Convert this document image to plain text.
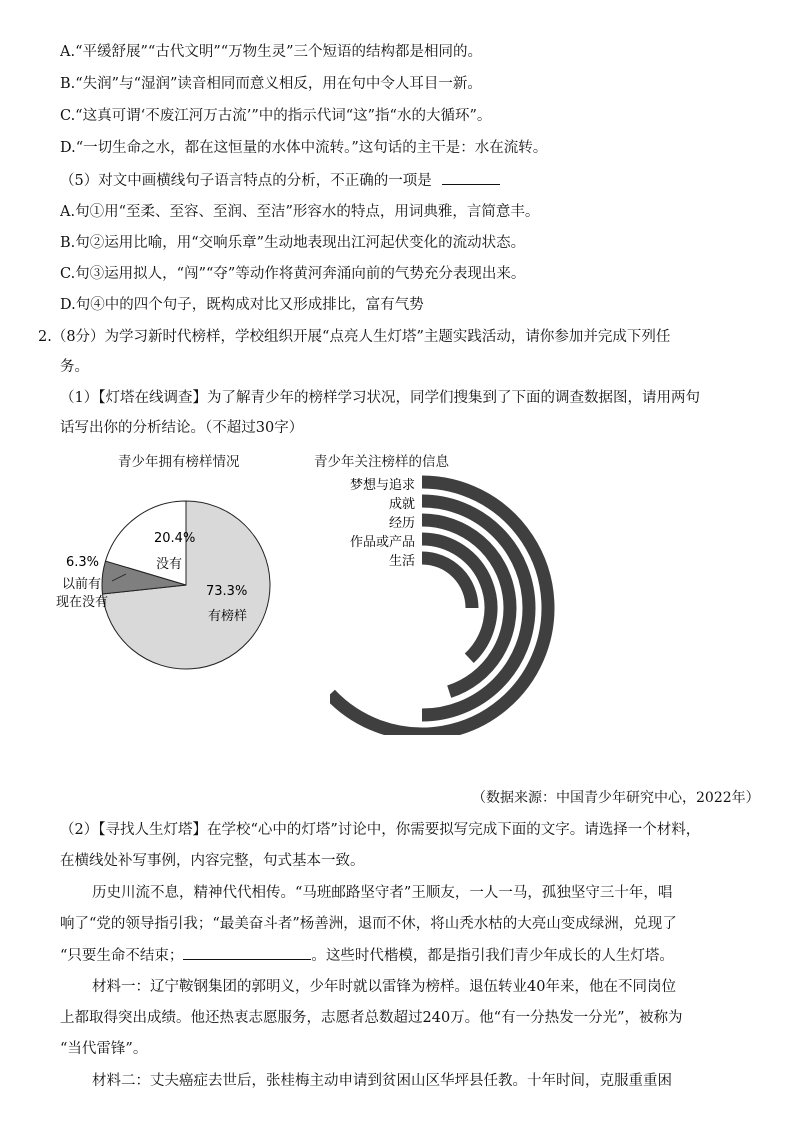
A.“平缓舒展”“古代文明”“万物生灵”三个短语的结构都是相同的。
B.“失润”与“湿润”读音相同而意义相反，用在句中令人耳目一新。
C.“这真可谓‘不废江河万古流’”中的指示代词“这”指“水的大循环”。
D.“一切生命之水，都在这恒量的水体中流转。”这句话的主干是：水在流转。
（5）对文中画横线句子语言特点的分析，不正确的一项是
A.句①用“至柔、至容、至润、至洁”形容水的特点，用词典雅，言简意丰。
B.句②运用比喻，用“交响乐章”生动地表现出江河起伏变化的流动状态。
C.句③运用拟人，“闯”“夺”等动作将黄河奔涌向前的气势充分表现出来。
D.句④中的四个句子，既构成对比又形成排比，富有气势
2.（8分）为学习新时代榜样，学校组织开展“点亮人生灯塔”主题实践活动，请你参加并完成下列任
务。
（1）【灯塔在线调查】为了解青少年的榜样学习状况，同学们搜集到了下面的调查数据图，请用两句
话写出你的分析结论。（不超过30字）
青少年拥有榜样情况	青少年关注榜样的信息
20.4%
没有
73.3%
有榜样
6.3%
以前有
现在没有
梦想与追求
成就
经历
作品或产品
生活
（数据来源：中国青少年研究中心，2022年）
（2）【寻找人生灯塔】在学校“心中的灯塔”讨论中，你需要拟写完成下面的文字。请选择一个材料，
在横线处补写事例，内容完整，句式基本一致。
历史川流不息，精神代代相传。“马班邮路坚守者”王顺友，一人一马，孤独坚守三十年，唱
响了“党的领导指引我；“最美奋斗者”杨善洲，退而不休，将山秃水枯的大亮山变成绿洲，兑现了
“只要生命不结束；	。这些时代楷模，都是指引我们青少年成长的人生灯塔。
材料一：辽宁鞍钢集团的郭明义，少年时就以雷锋为榜样。退伍转业40年来，他在不同岗位
上都取得突出成绩。他还热衷志愿服务，志愿者总数超过240万。他“有一分热发一分光”，被称为
“当代雷锋”。
材料二：丈夫癌症去世后，张桂梅主动申请到贫困山区华坪县任教。十年时间，克服重重困
